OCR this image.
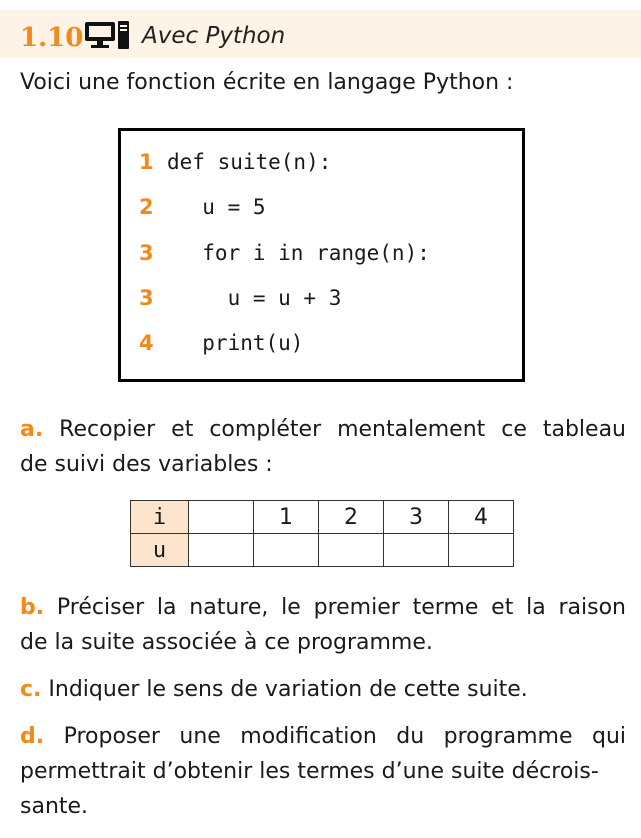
1.10	Avec Python
Voici une fonction écrite en langage Python :
1 def suite(n):
2 u = 5
3 for i in range(n):
3 u = u + 3
4 print(u)
a. Recopier et compléter mentalement ce tableau
de suivi des variables :
i		1	2	3	4
u					
b. Préciser la nature, le premier terme et la raison
de la suite associée à ce programme.
c. Indiquer le sens de variation de cette suite.
d. Proposer une modification du programme qui
permettrait d’obtenir les termes d’une suite décrois-
sante.
